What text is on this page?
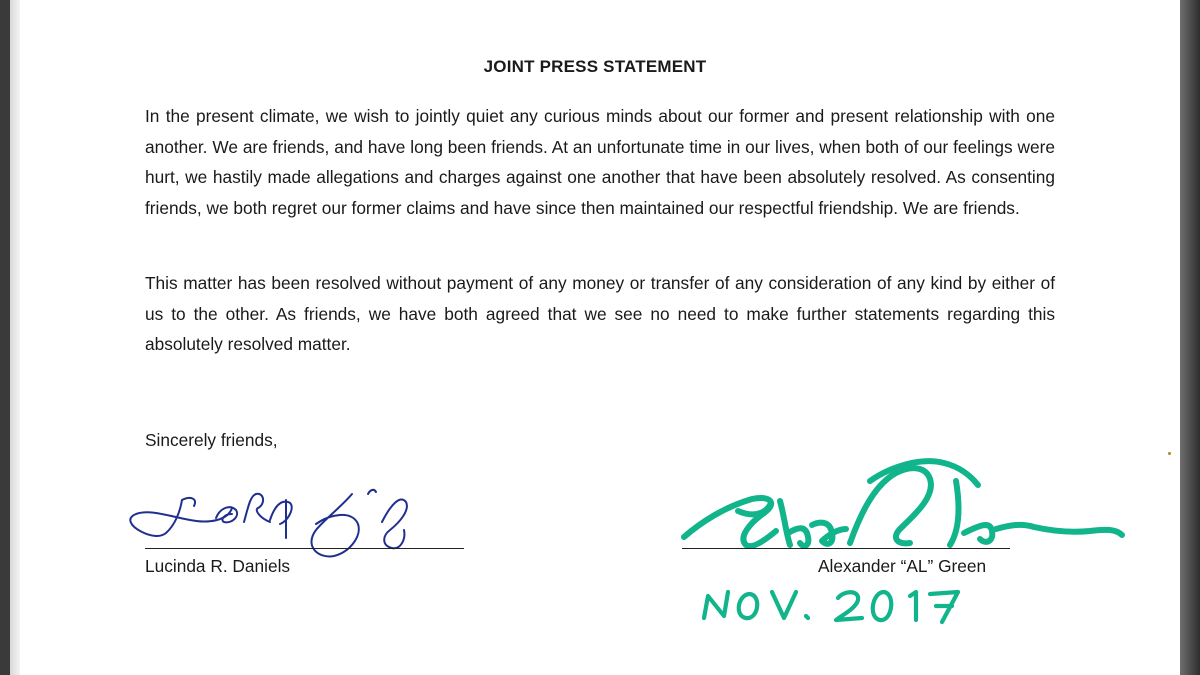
JOINT PRESS STATEMENT

In the present climate, we wish to jointly quiet any curious minds about our former and present relationship with one another. We are friends, and have long been friends. At an unfortunate time in our lives, when both of our feelings were hurt, we hastily made allegations and charges against one another that have been absolutely resolved. As consenting friends, we both regret our former claims and have since then maintained our respectful friendship. We are friends.

This matter has been resolved without payment of any money or transfer of any consideration of any kind by either of us to the other. As friends, we have both agreed that we see no need to make further statements regarding this absolutely resolved matter.

Sincerely friends,
Lucinda R. Daniels	Alexander “AL” Green
